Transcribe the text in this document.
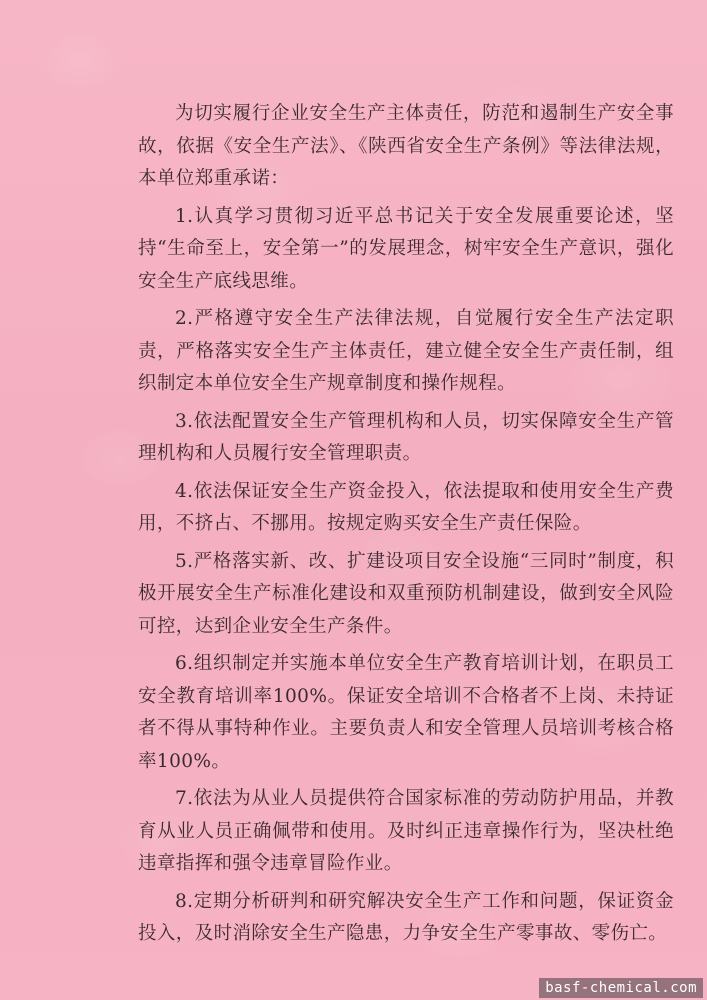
为切实履行企业安全生产主体责任，防范和遏制生产安全事故，依据《安全生产法》、《陕西省安全生产条例》等法律法规，本单位郑重承诺：

1.认真学习贯彻习近平总书记关于安全发展重要论述，坚持“生命至上，安全第一”的发展理念，树牢安全生产意识，强化安全生产底线思维。

2.严格遵守安全生产法律法规，自觉履行安全生产法定职责，严格落实安全生产主体责任，建立健全安全生产责任制，组织制定本单位安全生产规章制度和操作规程。

3.依法配置安全生产管理机构和人员，切实保障安全生产管理机构和人员履行安全管理职责。

4.依法保证安全生产资金投入，依法提取和使用安全生产费用，不挤占、不挪用。按规定购买安全生产责任保险。

5.严格落实新、改、扩建设项目安全设施“三同时”制度，积极开展安全生产标准化建设和双重预防机制建设，做到安全风险可控，达到企业安全生产条件。

6.组织制定并实施本单位安全生产教育培训计划，在职员工安全教育培训率100%。保证安全培训不合格者不上岗、未持证者不得从事特种作业。主要负责人和安全管理人员培训考核合格率100%。

7.依法为从业人员提供符合国家标准的劳动防护用品，并教育从业人员正确佩带和使用。及时纠正违章操作行为，坚决杜绝违章指挥和强令违章冒险作业。

8.定期分析研判和研究解决安全生产工作和问题，保证资金投入，及时消除安全生产隐患，力争安全生产零事故、零伤亡。

basf-chemical.com
